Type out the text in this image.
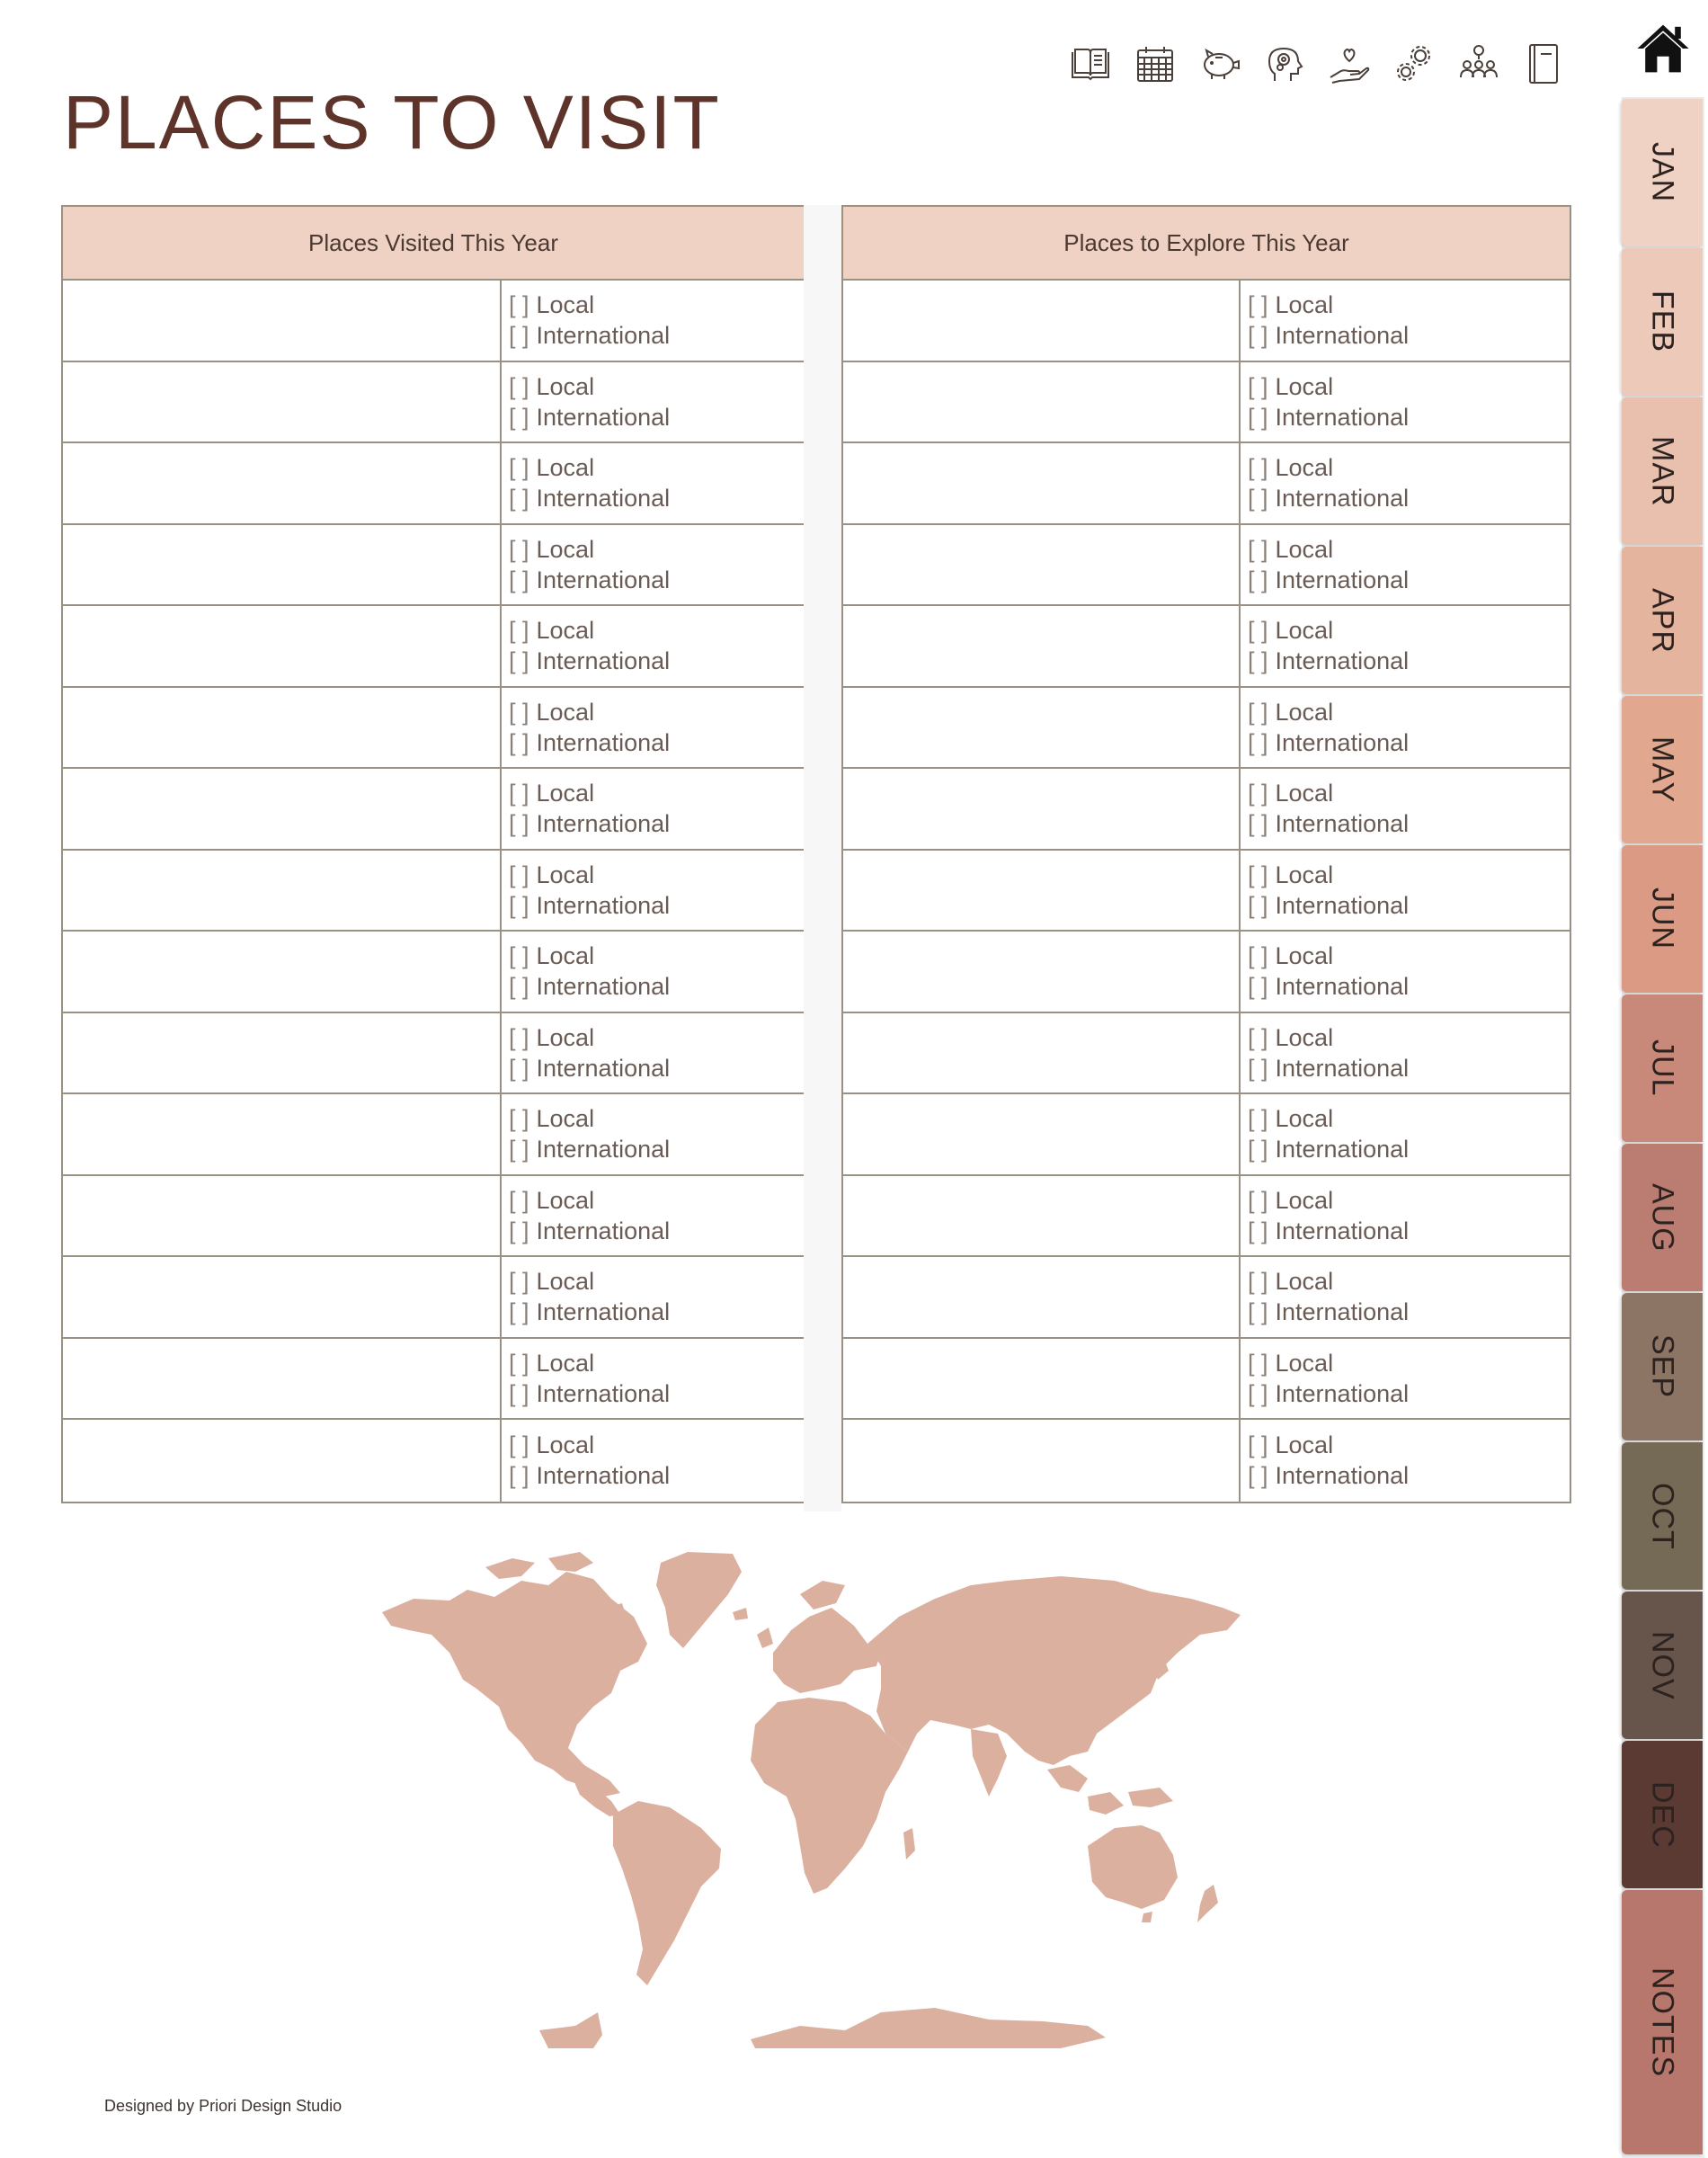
PLACES TO VISIT
Places Visited This Year
[ ] Local
[ ] International
[ ] Local
[ ] International
[ ] Local
[ ] International
[ ] Local
[ ] International
[ ] Local
[ ] International
[ ] Local
[ ] International
[ ] Local
[ ] International
[ ] Local
[ ] International
[ ] Local
[ ] International
[ ] Local
[ ] International
[ ] Local
[ ] International
[ ] Local
[ ] International
[ ] Local
[ ] International
[ ] Local
[ ] International
[ ] Local
[ ] International
Places to Explore This Year
[ ] Local
[ ] International
[ ] Local
[ ] International
[ ] Local
[ ] International
[ ] Local
[ ] International
[ ] Local
[ ] International
[ ] Local
[ ] International
[ ] Local
[ ] International
[ ] Local
[ ] International
[ ] Local
[ ] International
[ ] Local
[ ] International
[ ] Local
[ ] International
[ ] Local
[ ] International
[ ] Local
[ ] International
[ ] Local
[ ] International
[ ] Local
[ ] International
Designed by Priori Design Studio
JAN
FEB
MAR
APR
MAY
JUN
JUL
AUG
SEP
OCT
NOV
DEC
NOTES
